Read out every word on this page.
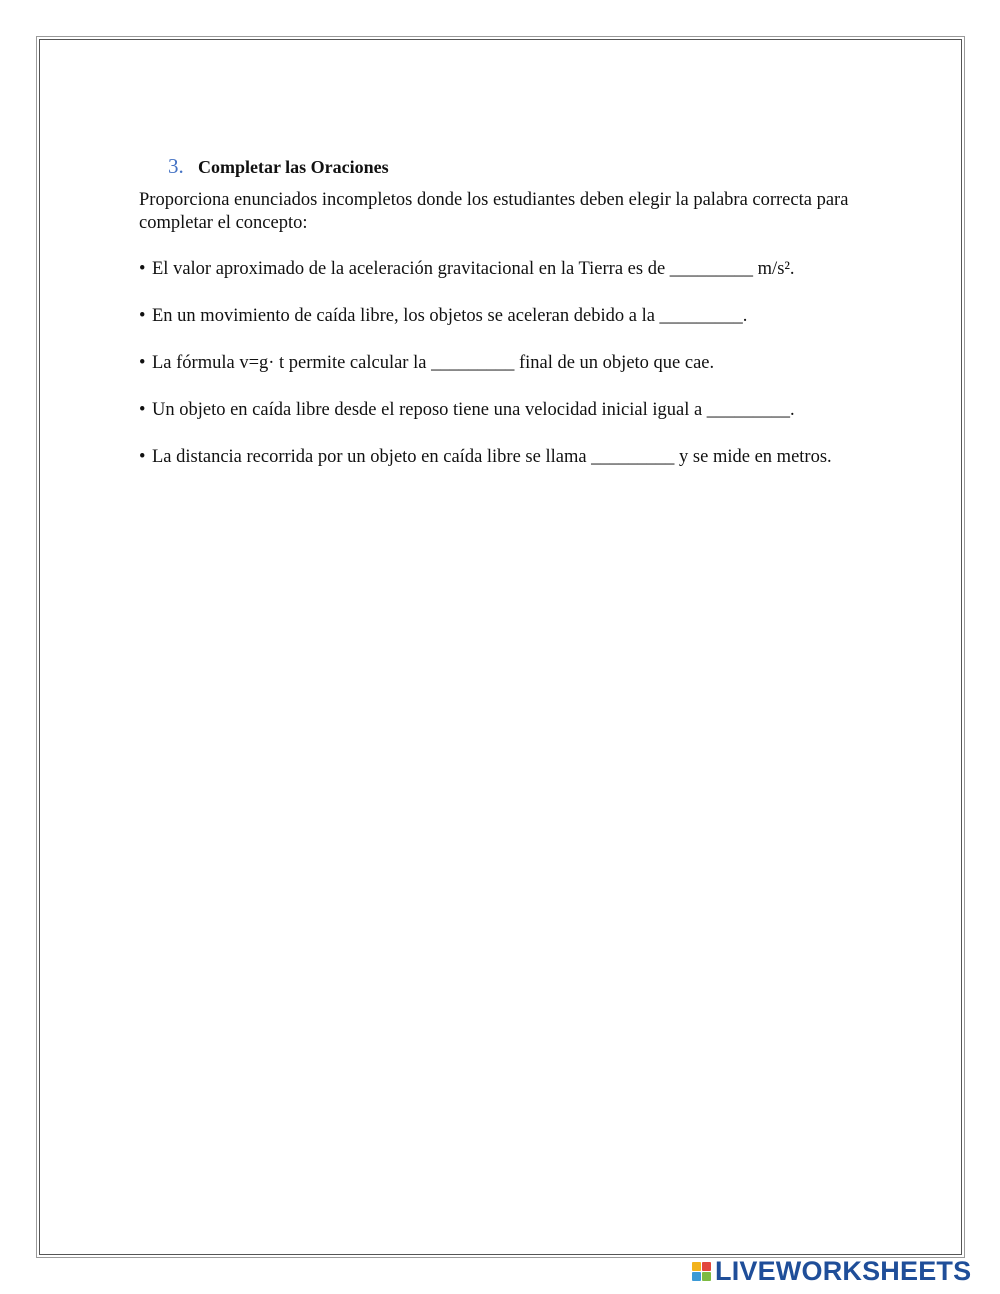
3. Completar las Oraciones

Proporciona enunciados incompletos donde los estudiantes deben elegir la palabra correcta para completar el concepto:

• El valor aproximado de la aceleración gravitacional en la Tierra es de _________ m/s².

• En un movimiento de caída libre, los objetos se aceleran debido a la _________.

• La fórmula v=g· t permite calcular la _________ final de un objeto que cae.

• Un objeto en caída libre desde el reposo tiene una velocidad inicial igual a _________.

• La distancia recorrida por un objeto en caída libre se llama _________ y se mide en metros.

LIVEWORKSHEETS
